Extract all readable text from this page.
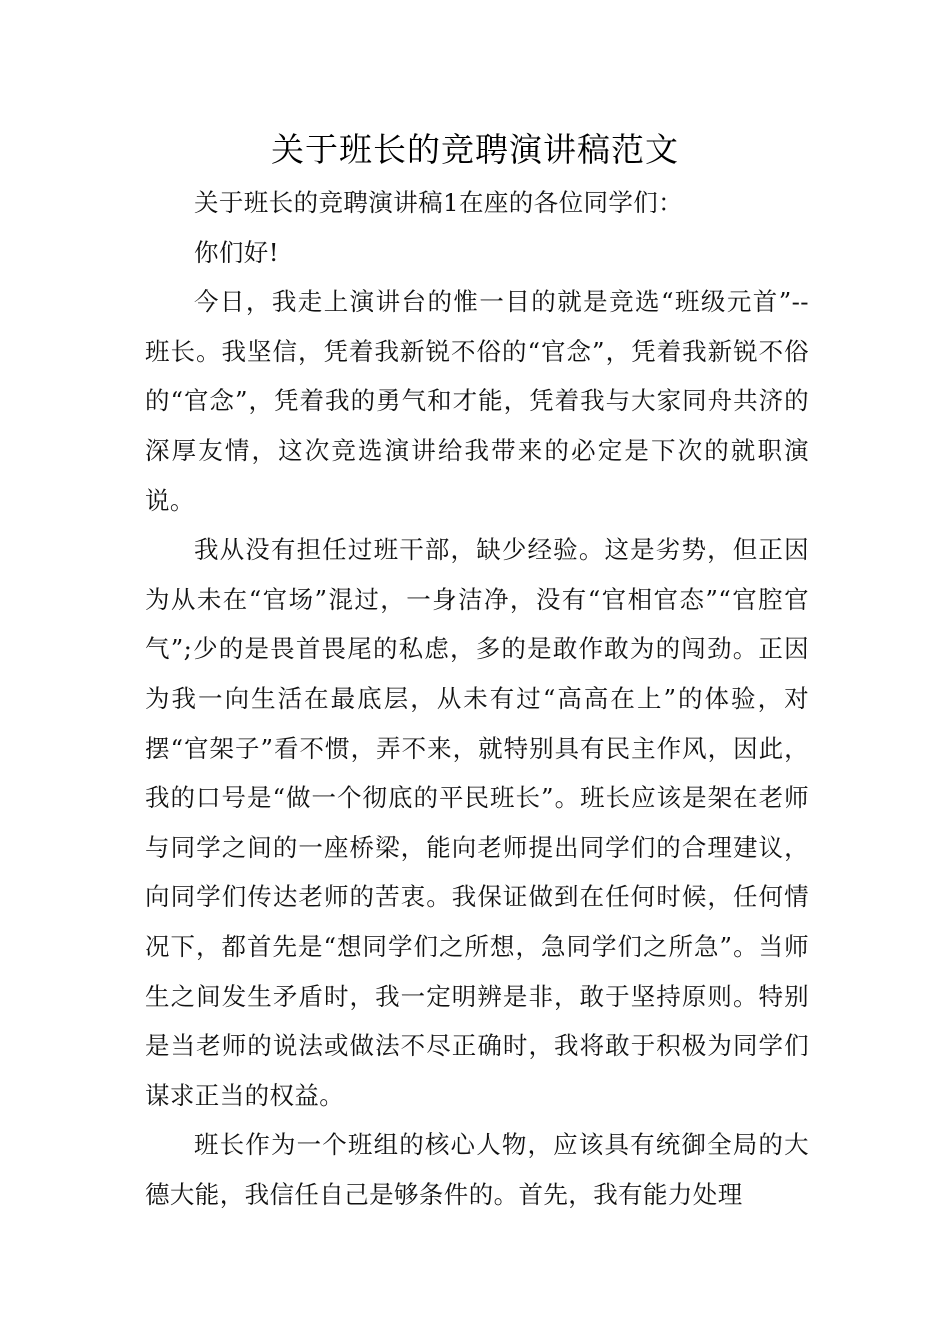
关于班长的竞聘演讲稿范文

关于班长的竞聘演讲稿1在座的各位同学们：

你们好!

今日，我走上演讲台的惟一目的就是竞选“班级元首”--班长。我坚信，凭着我新锐不俗的“官念”，凭着我新锐不俗的“官念”，凭着我的勇气和才能，凭着我与大家同舟共济的深厚友情，这次竞选演讲给我带来的必定是下次的就职演说。

我从没有担任过班干部，缺少经验。这是劣势，但正因为从未在“官场”混过，一身洁净，没有“官相官态”“官腔官气”;少的是畏首畏尾的私虑，多的是敢作敢为的闯劲。正因为我一向生活在最底层，从未有过“高高在上”的体验，对摆“官架子”看不惯，弄不来，就特别具有民主作风，因此，我的口号是“做一个彻底的平民班长”。班长应该是架在老师与同学之间的一座桥梁，能向老师提出同学们的合理建议，向同学们传达老师的苦衷。我保证做到在任何时候，任何情况下，都首先是“想同学们之所想，急同学们之所急”。当师生之间发生矛盾时，我一定明辨是非，敢于坚持原则。特别是当老师的说法或做法不尽正确时，我将敢于积极为同学们谋求正当的权益。

班长作为一个班组的核心人物，应该具有统御全局的大德大能，我信任自己是够条件的。首先，我有能力处理
